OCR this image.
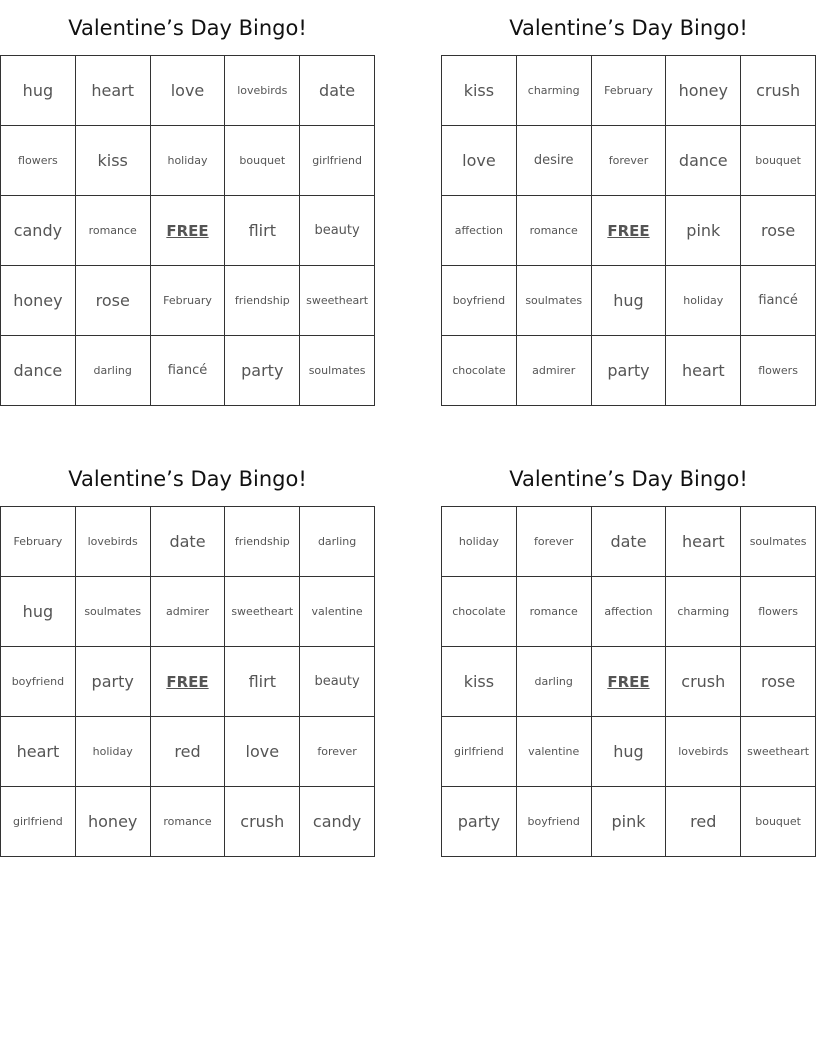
Valentine’s Day Bingo!
hug	heart	love	lovebirds	date
flowers	kiss	holiday	bouquet	girlfriend
candy	romance	FREE	flirt	beauty
honey	rose	February	friendship	sweetheart
dance	darling	fiancé	party	soulmates
Valentine’s Day Bingo!
kiss	charming	February	honey	crush
love	desire	forever	dance	bouquet
affection	romance	FREE	pink	rose
boyfriend	soulmates	hug	holiday	fiancé
chocolate	admirer	party	heart	flowers
Valentine’s Day Bingo!
February	lovebirds	date	friendship	darling
hug	soulmates	admirer	sweetheart	valentine
boyfriend	party	FREE	flirt	beauty
heart	holiday	red	love	forever
girlfriend	honey	romance	crush	candy
Valentine’s Day Bingo!
holiday	forever	date	heart	soulmates
chocolate	romance	affection	charming	flowers
kiss	darling	FREE	crush	rose
girlfriend	valentine	hug	lovebirds	sweetheart
party	boyfriend	pink	red	bouquet
